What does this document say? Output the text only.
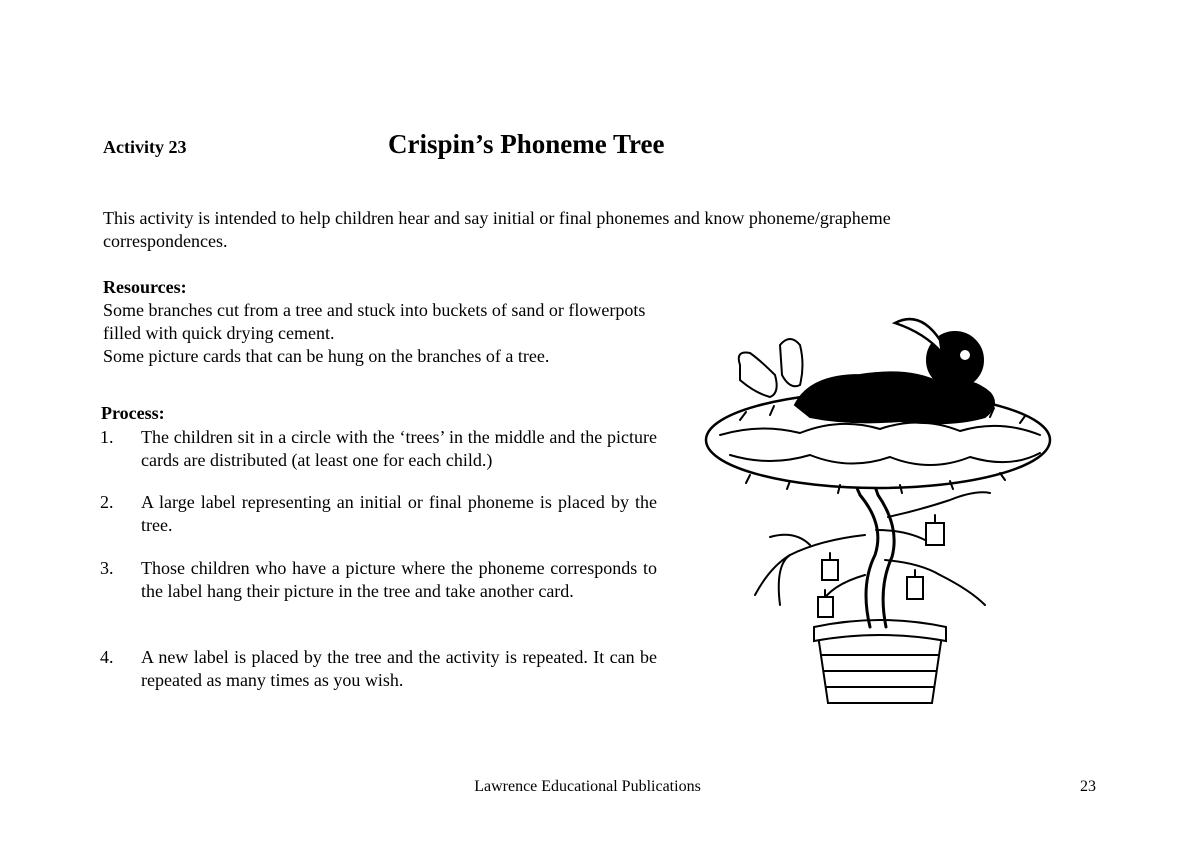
Activity 23	Crispin’s Phoneme Tree
This activity is intended to help children hear and say initial or final phonemes and know phoneme/grapheme
correspondences.
Resources:
Some branches cut from a tree and stuck into buckets of sand or flowerpots
filled with quick drying cement.
Some picture cards that can be hung on the branches of a tree.
Process:
1. The children sit in a circle with the ‘trees’ in the middle and the picture cards are distributed (at least one for each child.)
2. A large label representing an initial or final phoneme is placed by the tree.
3. Those children who have a picture where the phoneme corresponds to the label hang their picture in the tree and take another card.
4. A new label is placed by the tree and the activity is repeated. It can be repeated as many times as you wish.
Lawrence Educational Publications	23
